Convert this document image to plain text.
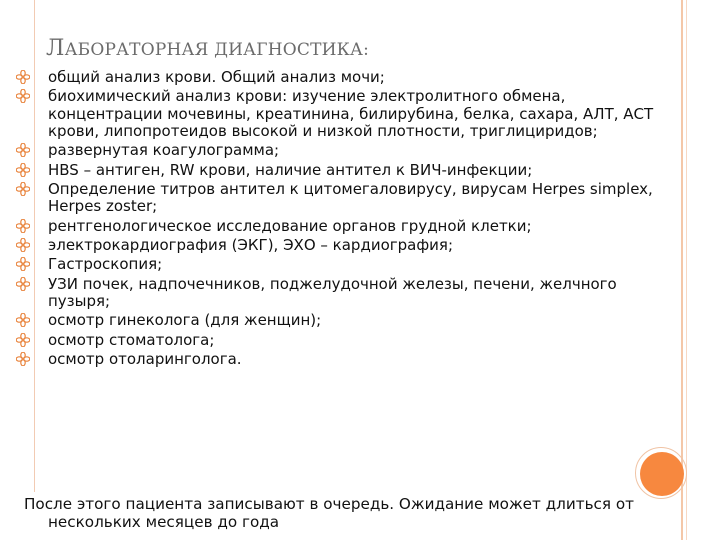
ЛАБОРАТОРНАЯ ДИАГНОСТИКА:
общий анализ крови. Общий анализ мочи;
биохимический анализ крови: изучение электролитного обмена, концентрации мочевины, креатинина, билирубина, белка, сахара, АЛТ, АСТ крови, липопротеидов высокой и низкой плотности, триглициридов;
развернутая коагулограмма;
HBS – антиген, RW крови, наличие антител к ВИЧ-инфекции;
Определение титров антител к цитомегаловирусу, вирусам Herpes simplex, Herpes zoster;
рентгенологическое исследование органов грудной клетки;
электрокардиография (ЭКГ), ЭХО – кардиография;
Гастроскопия;
УЗИ почек, надпочечников, поджелудочной железы, печени, желчного пузыря;
осмотр гинеколога (для женщин);
осмотр стоматолога;
осмотр отоларинголога.
После этого пациента записывают в очередь. Ожидание может длиться от
нескольких месяцев до года
